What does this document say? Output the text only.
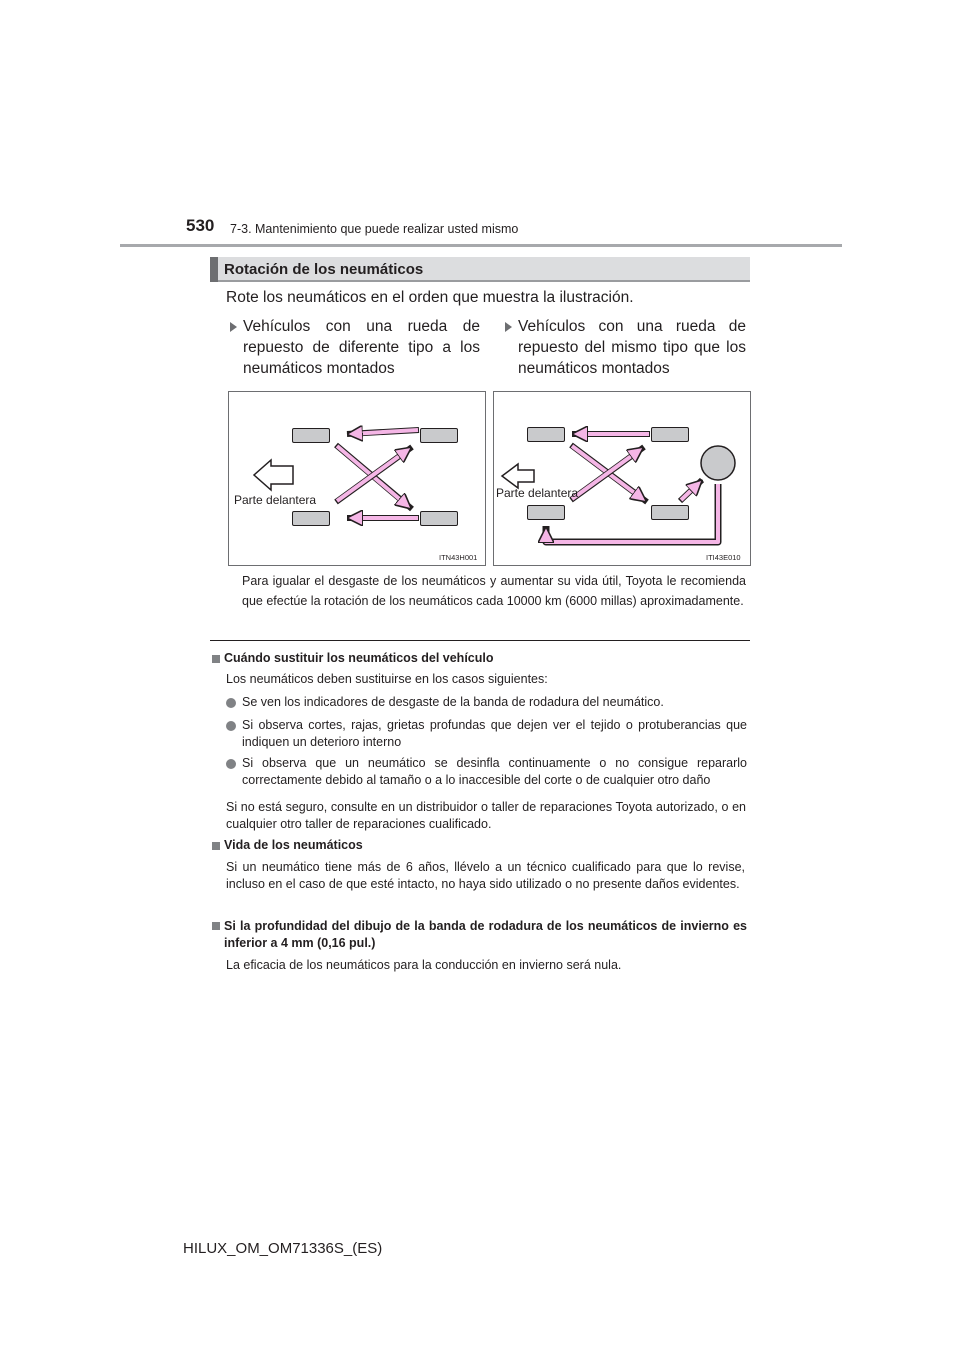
530 7-3. Mantenimiento que puede realizar usted mismo
Rotación de los neumáticos
Rote los neumáticos en el orden que muestra la ilustración.
Vehículos con una rueda de repuesto de diferente tipo a los neumáticos montados
Vehículos con una rueda de repuesto del mismo tipo que los neumáticos montados
Parte delantera
ITN43H001
Parte delantera
ITI43E010
Para igualar el desgaste de los neumáticos y aumentar su vida útil, Toyota le recomienda que efectúe la rotación de los neumáticos cada 10000 km (6000 millas) aproximadamente.
Cuándo sustituir los neumáticos del vehículo
Los neumáticos deben sustituirse en los casos siguientes:
Se ven los indicadores de desgaste de la banda de rodadura del neumático.
Si observa cortes, rajas, grietas profundas que dejen ver el tejido o protuberancias que indiquen un deterioro interno
Si observa que un neumático se desinfla continuamente o no consigue repararlo correctamente debido al tamaño o a lo inaccesible del corte o de cualquier otro daño
Si no está seguro, consulte en un distribuidor o taller de reparaciones Toyota autorizado, o en cualquier otro taller de reparaciones cualificado.
Vida de los neumáticos
Si un neumático tiene más de 6 años, llévelo a un técnico cualificado para que lo revise, incluso en el caso de que esté intacto, no haya sido utilizado o no presente daños evidentes.
Si la profundidad del dibujo de la banda de rodadura de los neumáticos de invierno es inferior a 4 mm (0,16 pul.)
La eficacia de los neumáticos para la conducción en invierno será nula.
HILUX_OM_OM71336S_(ES)
